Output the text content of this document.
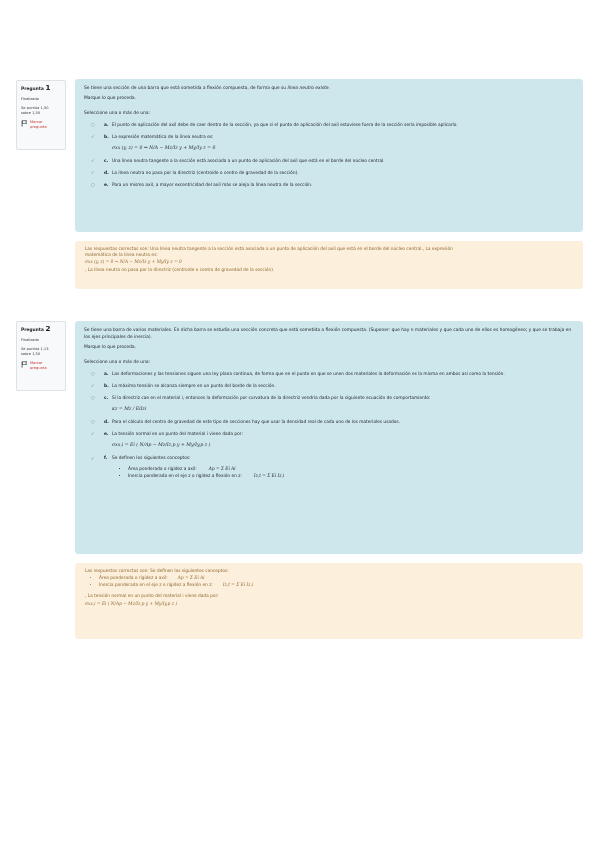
Pregunta 1
Finalizado
Se puntúa 1,50
sobre 1,50
Marcar
pregunta
Se tiene una sección de una barra que está sometida a flexión compuesta, de forma que su línea neutro existe.
Marque lo que proceda.
Seleccione una o más de una:
○	a. El punto de aplicación del axil debe de caer dentro de la sección, ya que si el punto de aplicación del axil estuviese fuera de la sección sería imposible aplicarlo.
✓	b. La expresión matemática de la línea neutra es:
σxx (y, z) = 0 ⇒ N/A − Mz/Iz y + My/Iy z = 0
✓	c. Una línea neutra tangente a la sección está asociada a un punto de aplicación del axil que está en el borde del núcleo central.
✓	d. La línea neutra no pasa por la directriz (centroide o centro de gravedad de la sección).
○	e. Para un mismo axil, a mayor excentricidad del axil más se aleja la línea neutra de la sección.
Las respuestas correctas son: Una línea neutra tangente a la sección está asociada a un punto de aplicación del axil que está en el borde del núcleo central., La expresión
matemática de la línea neutra es:
σxx (y, z) = 0 ⇒ N/A − Mz/Iz y + My/Iy z = 0
, La línea neutra no pasa por la directriz (centroide o centro de gravedad de la sección).
Pregunta 2
Finalizado
Se puntúa 1,13
sobre 1,50
Marcar
pregunta
Se tiene una barra de varios materiales. En dicha barra se estudia una sección concreta que está sometida a flexión compuesta. (Suponer: que hay n materiales y que cada uno de ellos es homogéneo; y que se trabaja en los ejes principales de inercia).
Marque lo que proceda.
Seleccione una o más de una:
○	a. Las deformaciones y las tensiones siguen una ley plana continua, de forma que en el punto en que se unen dos materiales la deformación es la misma en ambos así como la tensión.
✓	b. La máxima tensión se alcanza siempre en un punto del borde de la sección.
○	c. Si la directriz cae en el material i, entonces la deformación por curvatura de la directriz vendría dada por la siguiente ecuación de comportamiento:
κz = Mz / EiIzi
○	d. Para el cálculo del centro de gravedad de este tipo de secciones hay que usar la densidad real de cada uno de los materiales usados.
✓	e. La tensión normal en un punto del material i viene dada por:
σxx,i = Ei ( N/Ap − Mz/Iz,p y + My/Iy,p z )
✓	f.	Se definen los siguientes conceptos:
• Área ponderada o rigidez a axil:	Ap = Σ Ei Ai
• Inercia ponderada en el eje z o rigidez a flexión en z:	Iz,t = Σ Ei Iz,i
Las respuestas correctas son: Se definen los siguientes conceptos:
• Área ponderada o rigidez a axil: Ap = Σ Ei Ai
• Inercia ponderada en el eje z o rigidez a flexión en z: Iz,t = Σ Ei Iz,i
, La tensión normal en un punto del material i viene dada por:
σxx,i = Ei ( N/Ap − Mz/Iz,p y + My/Iy,p z )
